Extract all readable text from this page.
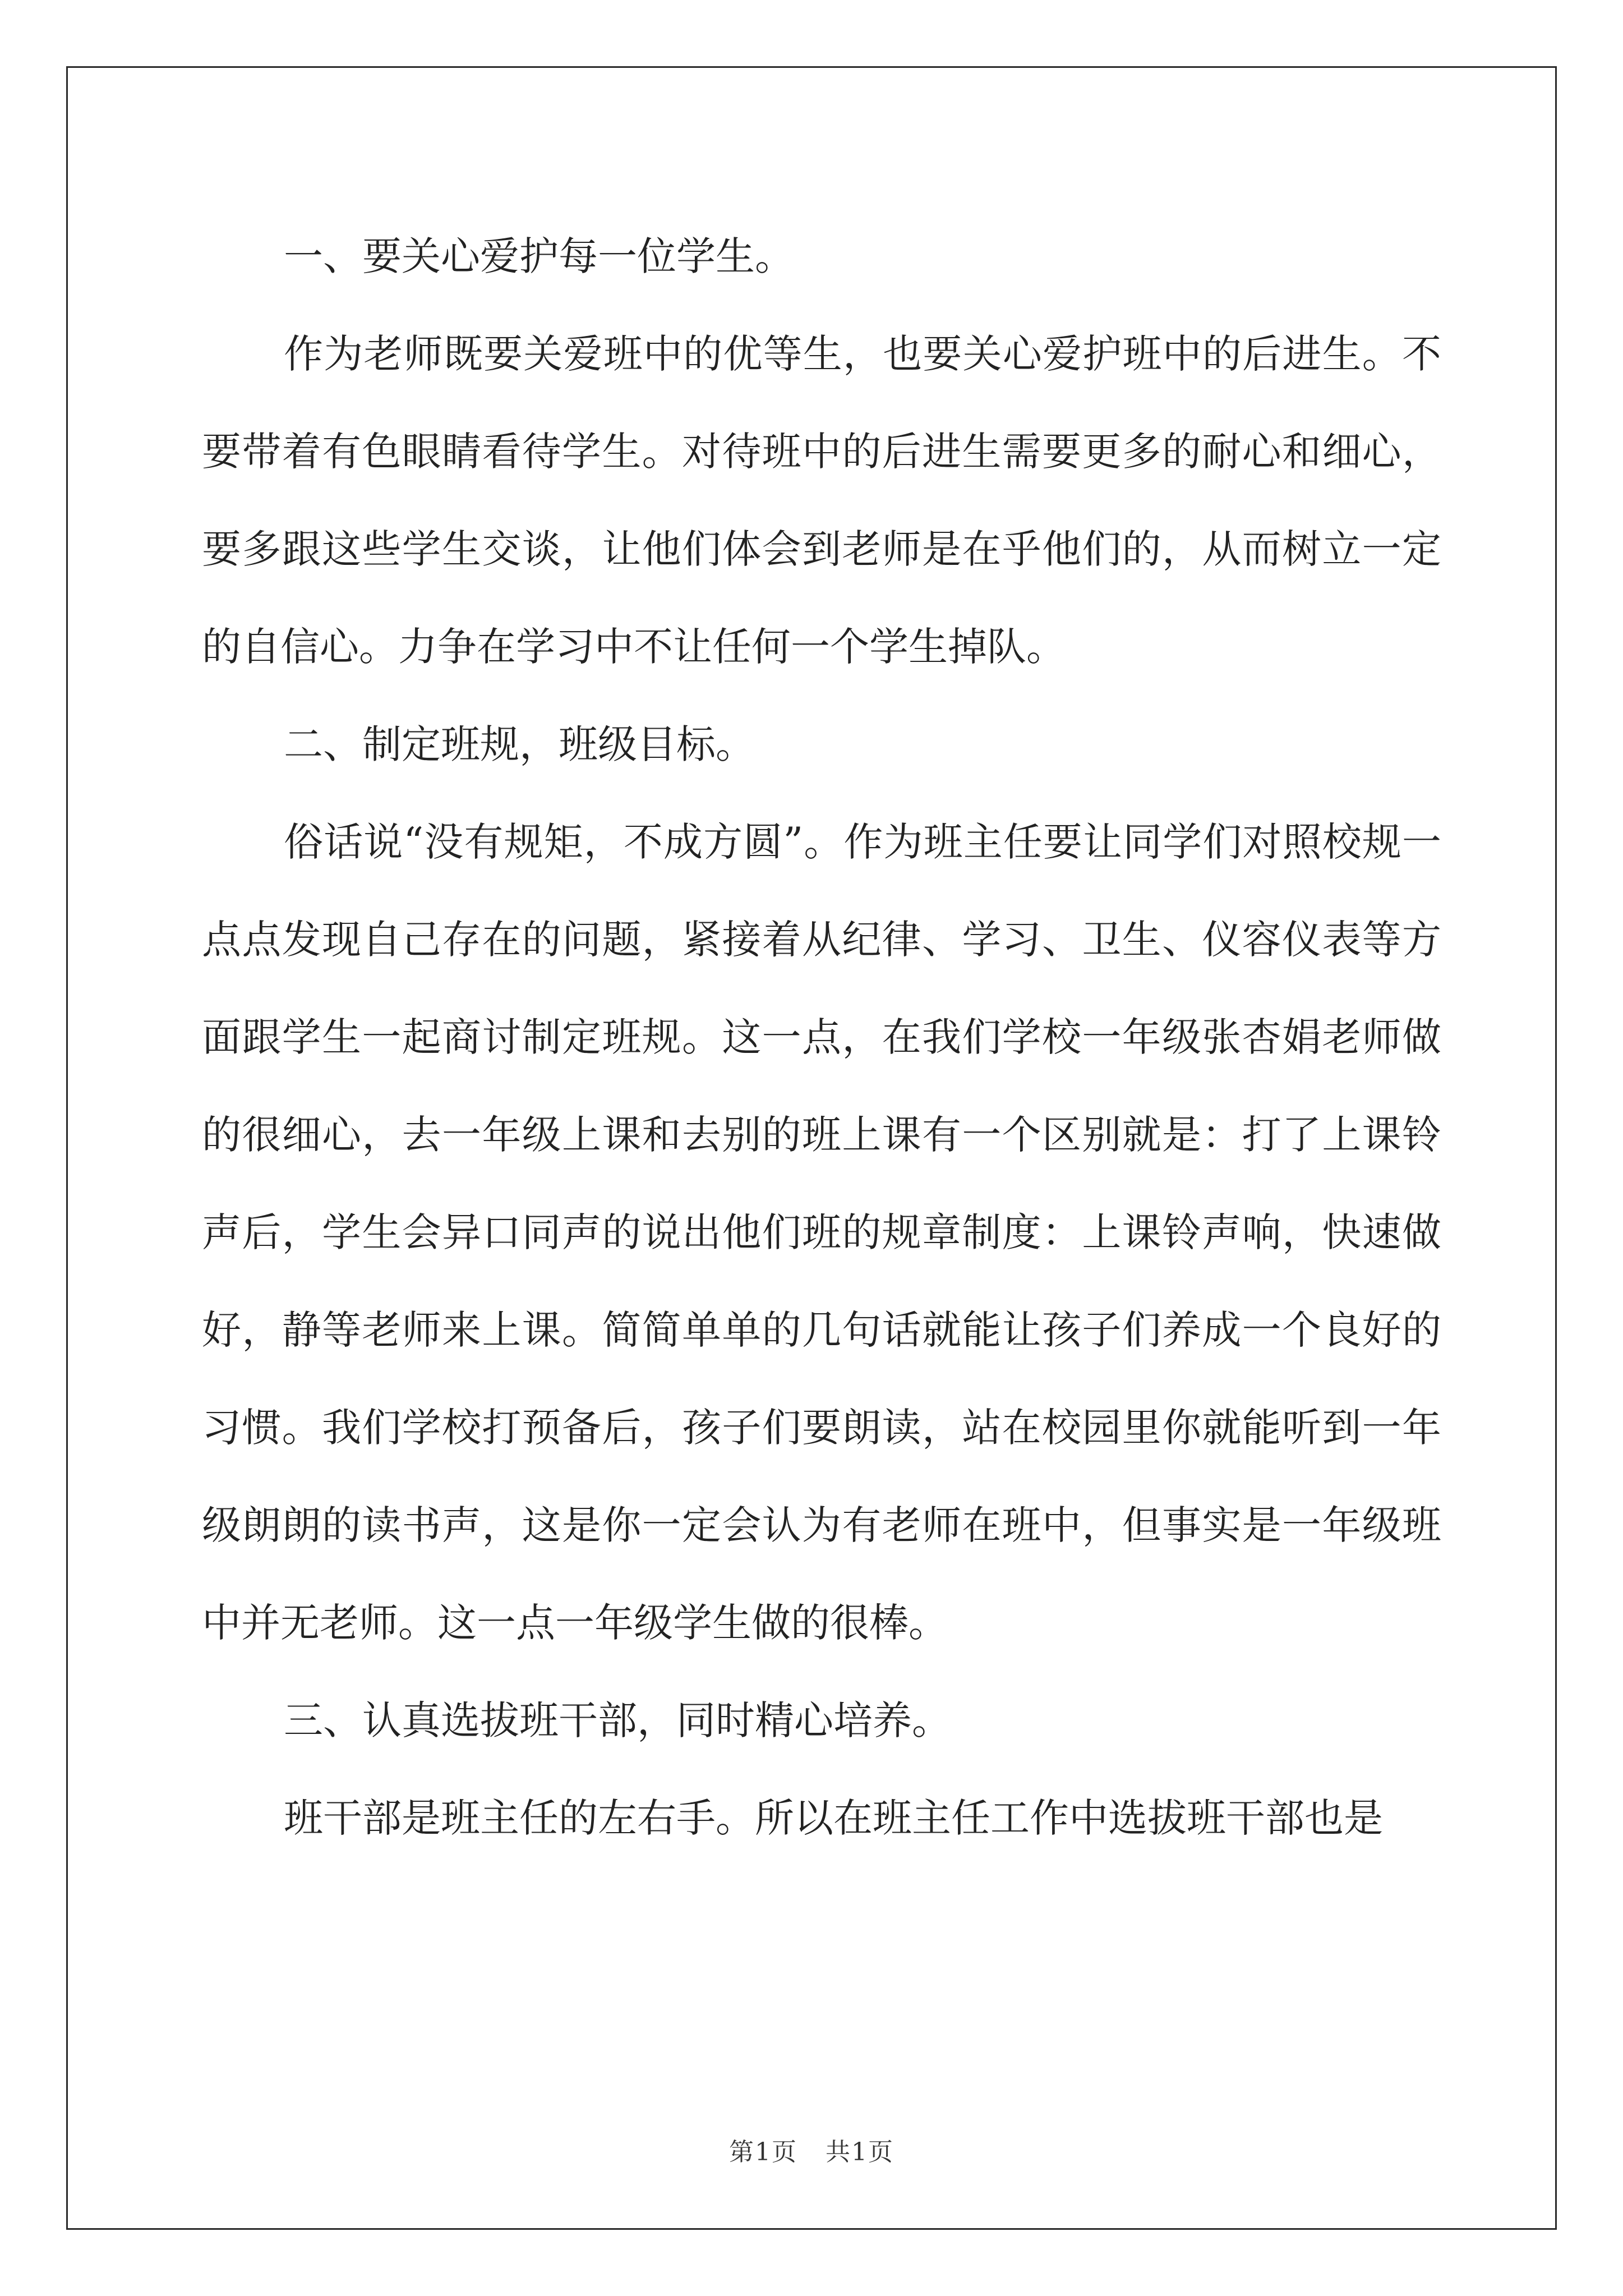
一、要关心爱护每一位学生。

作为老师既要关爱班中的优等生，也要关心爱护班中的后进生。不要带着有色眼睛看待学生。对待班中的后进生需要更多的耐心和细心，要多跟这些学生交谈，让他们体会到老师是在乎他们的，从而树立一定的自信心。力争在学习中不让任何一个学生掉队。

二、制定班规，班级目标。

俗话说“没有规矩，不成方圆”。作为班主任要让同学们对照校规一点点发现自己存在的问题，紧接着从纪律、学习、卫生、仪容仪表等方面跟学生一起商讨制定班规。这一点，在我们学校一年级张杏娟老师做的很细心，去一年级上课和去别的班上课有一个区别就是：打了上课铃声后，学生会异口同声的说出他们班的规章制度：上课铃声响，快速做好，静等老师来上课。简简单单的几句话就能让孩子们养成一个良好的习惯。我们学校打预备后，孩子们要朗读，站在校园里你就能听到一年级朗朗的读书声，这是你一定会认为有老师在班中，但事实是一年级班中并无老师。这一点一年级学生做的很棒。

三、认真选拔班干部，同时精心培养。

班干部是班主任的左右手。所以在班主任工作中选拔班干部也是

第1页 共1页
